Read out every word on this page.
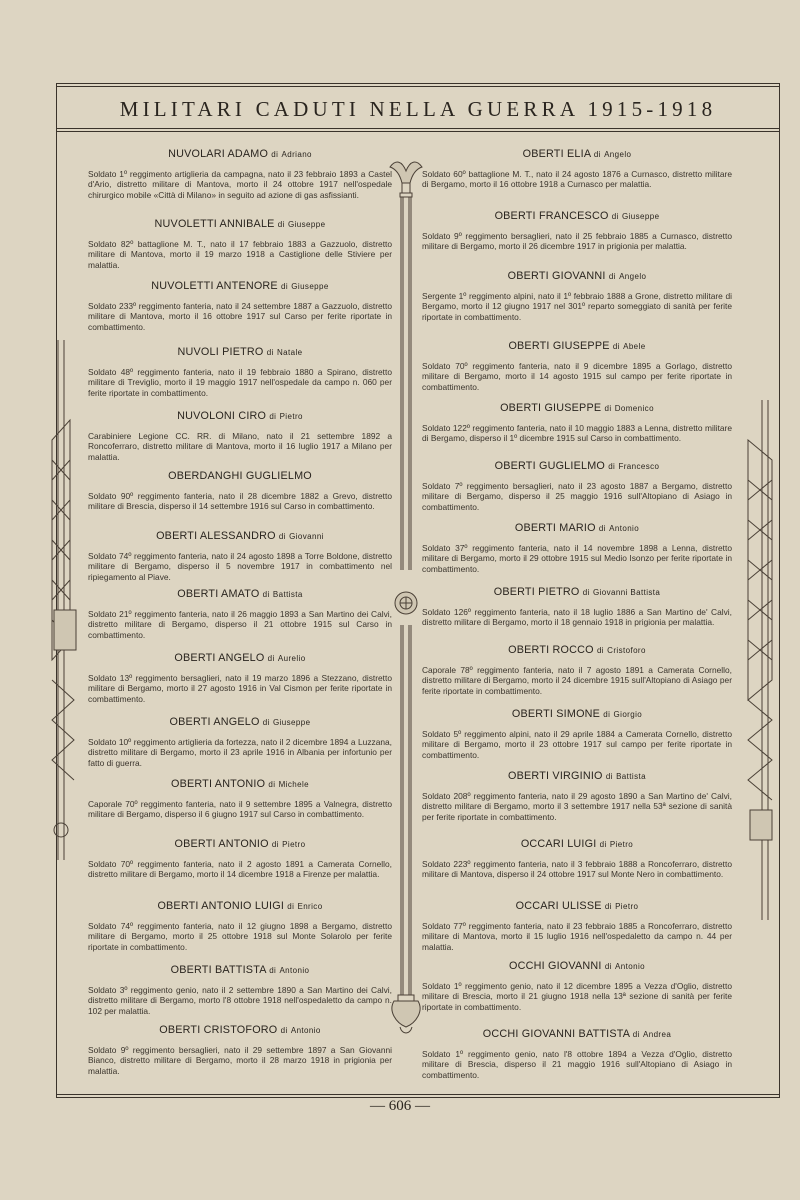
MILITARI CADUTI NELLA GUERRA 1915-1918
NUVOLARI ADAMO di Adriano

Soldato 1º reggimento artiglieria da campagna, nato il 23 febbraio 1893 a Castel d'Ario, distretto militare di Mantova, morto il 24 ottobre 1917 nell'ospedale chirurgico mobile «Città di Milano» in seguito ad azione di gas asfissianti.

NUVOLETTI ANNIBALE di Giuseppe

Soldato 82º battaglione M. T., nato il 17 febbraio 1883 a Gazzuolo, distretto militare di Mantova, morto il 19 marzo 1918 a Castiglione delle Stiviere per malattia.

NUVOLETTI ANTENORE di Giuseppe

Soldato 233º reggimento fanteria, nato il 24 settembre 1887 a Gazzuolo, distretto militare di Mantova, morto il 16 ottobre 1917 sul Carso per ferite riportate in combattimento.

NUVOLI PIETRO di Natale

Soldato 48º reggimento fanteria, nato il 19 febbraio 1880 a Spirano, distretto militare di Treviglio, morto il 19 maggio 1917 nell'ospedale da campo n. 060 per ferite riportate in combattimento.

NUVOLONI CIRO di Pietro

Carabiniere Legione CC. RR. di Milano, nato il 21 settembre 1892 a Roncoferraro, distretto militare di Mantova, morto il 16 luglio 1917 a Milano per malattia.

OBERDANGHI GUGLIELMO

Soldato 90º reggimento fanteria, nato il 28 dicembre 1882 a Grevo, distretto militare di Brescia, disperso il 14 settembre 1916 sul Carso in combattimento.

OBERTI ALESSANDRO di Giovanni

Soldato 74º reggimento fanteria, nato il 24 agosto 1898 a Torre Boldone, distretto militare di Bergamo, disperso il 5 novembre 1917 in combattimento nel ripiegamento al Piave.

OBERTI AMATO di Battista

Soldato 21º reggimento fanteria, nato il 26 maggio 1893 a San Martino dei Calvi, distretto militare di Bergamo, disperso il 21 ottobre 1915 sul Carso in combattimento.

OBERTI ANGELO di Aurelio

Soldato 13º reggimento bersaglieri, nato il 19 marzo 1896 a Stezzano, distretto militare di Bergamo, morto il 27 agosto 1916 in Val Cismon per ferite riportate in combattimento.

OBERTI ANGELO di Giuseppe

Soldato 10º reggimento artiglieria da fortezza, nato il 2 dicembre 1894 a Luzzana, distretto militare di Bergamo, morto il 23 aprile 1916 in Albania per infortunio per fatto di guerra.

OBERTI ANTONIO di Michele

Caporale 70º reggimento fanteria, nato il 9 settembre 1895 a Valnegra, distretto militare di Bergamo, disperso il 6 giugno 1917 sul Carso in combattimento.

OBERTI ANTONIO di Pietro

Soldato 70º reggimento fanteria, nato il 2 agosto 1891 a Camerata Cornello, distretto militare di Bergamo, morto il 14 dicembre 1918 a Firenze per malattia.

OBERTI ANTONIO LUIGI di Enrico

Soldato 74º reggimento fanteria, nato il 12 giugno 1898 a Bergamo, distretto militare di Bergamo, morto il 25 ottobre 1918 sul Monte Solarolo per ferite riportate in combattimento.

OBERTI BATTISTA di Antonio

Soldato 3º reggimento genio, nato il 2 settembre 1890 a San Martino dei Calvi, distretto militare di Bergamo, morto l'8 ottobre 1918 nell'ospedaletto da campo n. 102 per malattia.

OBERTI CRISTOFORO di Antonio

Soldato 9º reggimento bersaglieri, nato il 29 settembre 1897 a San Giovanni Bianco, distretto militare di Bergamo, morto il 28 marzo 1918 in prigionia per malattia.

OBERTI ELIA di Angelo

Soldato 60º battaglione M. T., nato il 24 agosto 1876 a Curnasco, distretto militare di Bergamo, morto il 16 ottobre 1918 a Curnasco per malattia.

OBERTI FRANCESCO di Giuseppe

Soldato 9º reggimento bersaglieri, nato il 25 febbraio 1885 a Curnasco, distretto militare di Bergamo, morto il 26 dicembre 1917 in prigionia per malattia.

OBERTI GIOVANNI di Angelo

Sergente 1º reggimento alpini, nato il 1º febbraio 1888 a Grone, distretto militare di Bergamo, morto il 12 giugno 1917 nel 301º reparto someggiato di sanità per ferite riportate in combattimento.

OBERTI GIUSEPPE di Abele

Soldato 70º reggimento fanteria, nato il 9 dicembre 1895 a Gorlago, distretto militare di Bergamo, morto il 14 agosto 1915 sul campo per ferite riportate in combattimento.

OBERTI GIUSEPPE di Domenico

Soldato 122º reggimento fanteria, nato il 10 maggio 1883 a Lenna, distretto militare di Bergamo, disperso il 1º dicembre 1915 sul Carso in combattimento.

OBERTI GUGLIELMO di Francesco

Soldato 7º reggimento bersaglieri, nato il 23 agosto 1887 a Bergamo, distretto militare di Bergamo, disperso il 25 maggio 1916 sull'Altopiano di Asiago in combattimento.

OBERTI MARIO di Antonio

Soldato 37º reggimento fanteria, nato il 14 novembre 1898 a Lenna, distretto militare di Bergamo, morto il 29 ottobre 1915 sul Medio Isonzo per ferite riportate in combattimento.

OBERTI PIETRO di Giovanni Battista

Soldato 126º reggimento fanteria, nato il 18 luglio 1886 a San Martino de' Calvi, distretto militare di Bergamo, morto il 18 gennaio 1918 in prigionia per malattia.

OBERTI ROCCO di Cristoforo

Caporale 78º reggimento fanteria, nato il 7 agosto 1891 a Camerata Cornello, distretto militare di Bergamo, morto il 24 dicembre 1915 sull'Altopiano di Asiago per ferite riportate in combattimento.

OBERTI SIMONE di Giorgio

Soldato 5º reggimento alpini, nato il 29 aprile 1884 a Camerata Cornello, distretto militare di Bergamo, morto il 23 ottobre 1917 sul campo per ferite riportate in combattimento.

OBERTI VIRGINIO di Battista

Soldato 208º reggimento fanteria, nato il 29 agosto 1890 a San Martino de' Calvi, distretto militare di Bergamo, morto il 3 settembre 1917 nella 53ª sezione di sanità per ferite riportate in combattimento.

OCCARI LUIGI di Pietro

Soldato 223º reggimento fanteria, nato il 3 febbraio 1888 a Roncoferraro, distretto militare di Mantova, disperso il 24 ottobre 1917 sul Monte Nero in combattimento.

OCCARI ULISSE di Pietro

Soldato 77º reggimento fanteria, nato il 23 febbraio 1885 a Roncoferraro, distretto militare di Mantova, morto il 15 luglio 1916 nell'ospedaletto da campo n. 44 per malattia.

OCCHI GIOVANNI di Antonio

Soldato 1º reggimento genio, nato il 12 dicembre 1895 a Vezza d'Oglio, distretto militare di Brescia, morto il 21 giugno 1918 nella 13ª sezione di sanità per ferite riportate in combattimento.

OCCHI GIOVANNI BATTISTA di Andrea

Soldato 1º reggimento genio, nato l'8 ottobre 1894 a Vezza d'Oglio, distretto militare di Brescia, disperso il 21 maggio 1916 sull'Altopiano di Asiago in combattimento.

— 606 —
